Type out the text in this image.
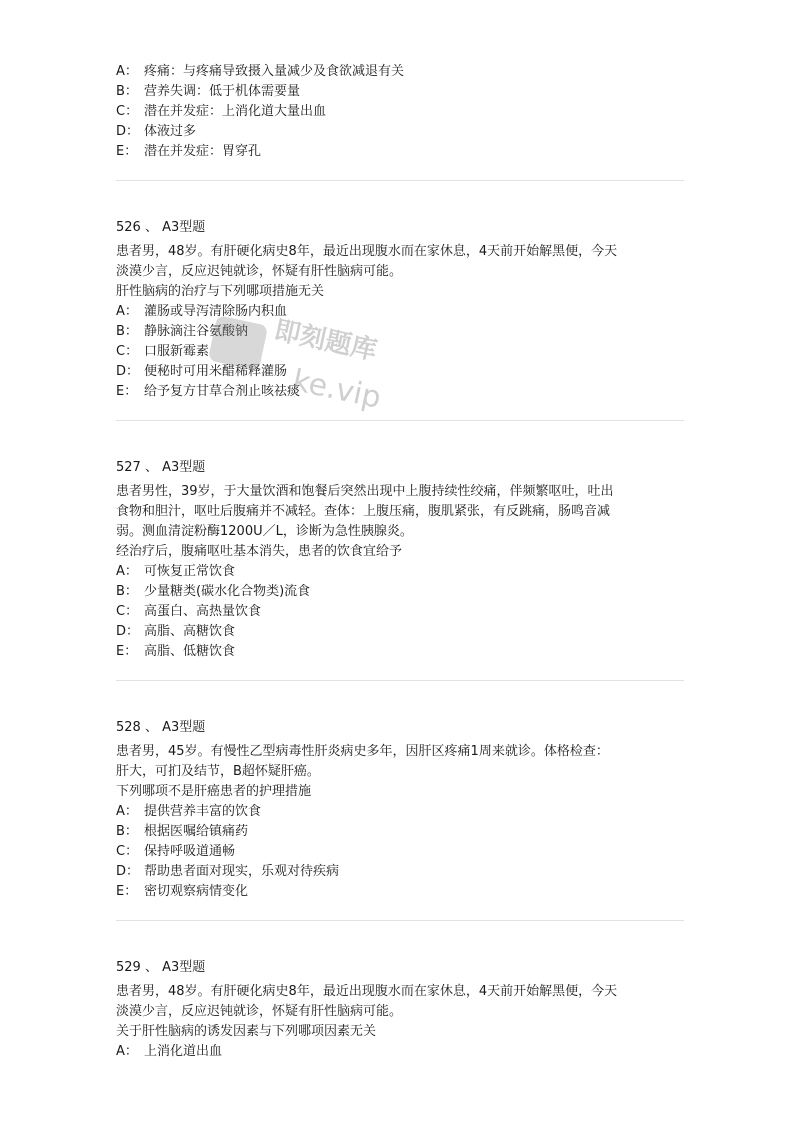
A： 疼痛：与疼痛导致摄入量减少及食欲减退有关
B： 营养失调：低于机体需要量
C： 潜在并发症：上消化道大量出血
D： 体液过多
E： 潜在并发症：胃穿孔
526 、 A3型题
患者男，48岁。有肝硬化病史8年，最近出现腹水而在家休息，4天前开始解黑便，今天
淡漠少言，反应迟钝就诊，怀疑有肝性脑病可能。
肝性脑病的治疗与下列哪项措施无关
A： 灌肠或导泻清除肠内积血
B： 静脉滴注谷氨酸钠
C： 口服新霉素
D： 便秘时可用米醋稀释灌肠
E： 给予复方甘草合剂止咳祛痰
527 、 A3型题
患者男性，39岁，于大量饮酒和饱餐后突然出现中上腹持续性绞痛，伴频繁呕吐，吐出
食物和胆汁，呕吐后腹痛并不减轻。查体：上腹压痛，腹肌紧张，有反跳痛，肠鸣音减
弱。测血清淀粉酶1200U／L，诊断为急性胰腺炎。
经治疗后，腹痛呕吐基本消失，患者的饮食宜给予
A： 可恢复正常饮食
B： 少量糖类(碳水化合物类)流食
C： 高蛋白、高热量饮食
D： 高脂、高糖饮食
E： 高脂、低糖饮食
528 、 A3型题
患者男，45岁。有慢性乙型病毒性肝炎病史多年，因肝区疼痛1周来就诊。体格检查：
肝大，可扪及结节，B超怀疑肝癌。
下列哪项不是肝癌患者的护理措施
A： 提供营养丰富的饮食
B： 根据医嘱给镇痛药
C： 保持呼吸道通畅
D： 帮助患者面对现实，乐观对待疾病
E： 密切观察病情变化
529 、 A3型题
患者男，48岁。有肝硬化病史8年，最近出现腹水而在家休息，4天前开始解黑便，今天
淡漠少言，反应迟钝就诊，怀疑有肝性脑病可能。
关于肝性脑病的诱发因素与下列哪项因素无关
A： 上消化道出血
即刻题库
ke.vip
